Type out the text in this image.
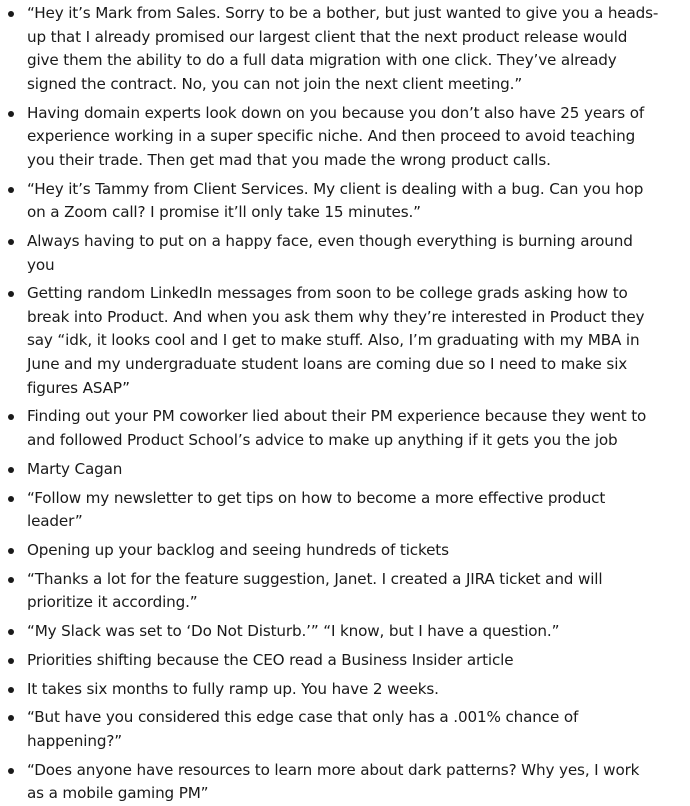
“Hey it’s Mark from Sales. Sorry to be a bother, but just wanted to give you a heads-up that I already promised our largest client that the next product release would give them the ability to do a full data migration with one click. They’ve already signed the contract. No, you can not join the next client meeting.”
Having domain experts look down on you because you don’t also have 25 years of experience working in a super specific niche. And then proceed to avoid teaching you their trade. Then get mad that you made the wrong product calls.
“Hey it’s Tammy from Client Services. My client is dealing with a bug. Can you hop on a Zoom call? I promise it’ll only take 15 minutes.”
Always having to put on a happy face, even though everything is burning around you
Getting random LinkedIn messages from soon to be college grads asking how to break into Product. And when you ask them why they’re interested in Product they say “idk, it looks cool and I get to make stuff. Also, I’m graduating with my MBA in June and my undergraduate student loans are coming due so I need to make six figures ASAP”
Finding out your PM coworker lied about their PM experience because they went to and followed Product School’s advice to make up anything if it gets you the job
Marty Cagan
“Follow my newsletter to get tips on how to become a more effective product leader”
Opening up your backlog and seeing hundreds of tickets
“Thanks a lot for the feature suggestion, Janet. I created a JIRA ticket and will prioritize it according.”
“My Slack was set to ‘Do Not Disturb.’” “I know, but I have a question.”
Priorities shifting because the CEO read a Business Insider article
It takes six months to fully ramp up. You have 2 weeks.
“But have you considered this edge case that only has a .001% chance of happening?”
“Does anyone have resources to learn more about dark patterns? Why yes, I work as a mobile gaming PM”
